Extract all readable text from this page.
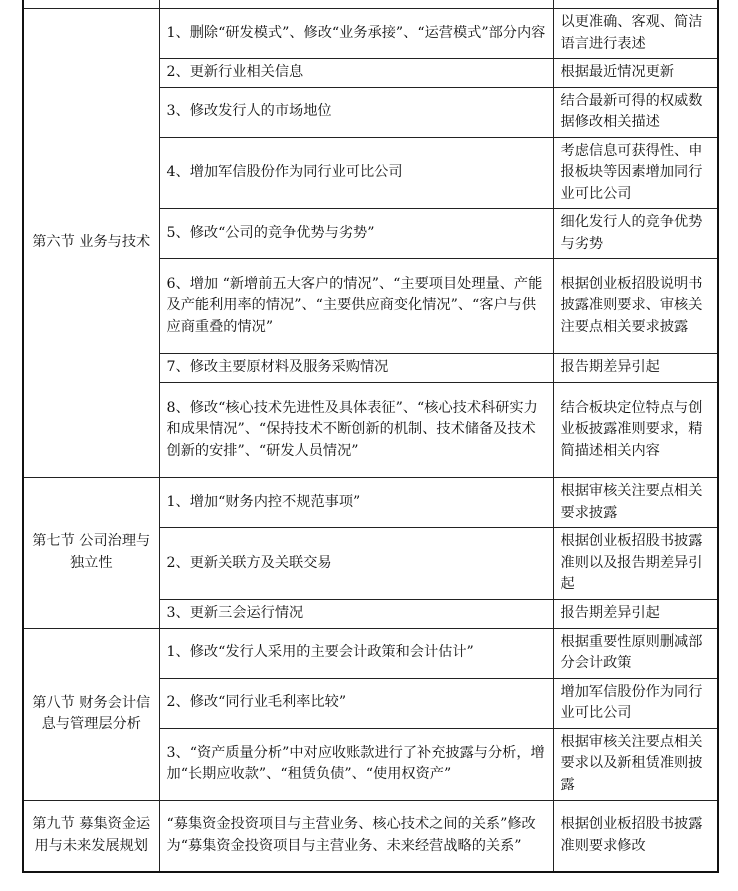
第六节 业务与技术	1、删除“研发模式”、修改“业务承接”、“运营模式”部分内容	以更准确、客观、简洁语言进行表述
	2、更新行业相关信息	根据最近情况更新
	3、修改发行人的市场地位	结合最新可得的权威数据修改相关描述
	4、增加军信股份作为同行业可比公司	考虑信息可获得性、申报板块等因素增加同行业可比公司
	5、修改“公司的竞争优势与劣势”	细化发行人的竞争优势与劣势
	6、增加 “新增前五大客户的情况”、“主要项目处理量、产能及产能利用率的情况”、“主要供应商变化情况”、“客户与供应商重叠的情况”	根据创业板招股说明书披露准则要求、审核关注要点相关要求披露
	7、修改主要原材料及服务采购情况	报告期差异引起
	8、修改“核心技术先进性及具体表征”、“核心技术科研实力和成果情况”、“保持技术不断创新的机制、技术储备及技术创新的安排”、“研发人员情况”	结合板块定位特点与创业板披露准则要求，精简描述相关内容
第七节 公司治理与独立性	1、增加“财务内控不规范事项”	根据审核关注要点相关要求披露
	2、更新关联方及关联交易	根据创业板招股书披露准则以及报告期差异引起
	3、更新三会运行情况	报告期差异引起
第八节 财务会计信息与管理层分析	1、修改“发行人采用的主要会计政策和会计估计”	根据重要性原则删减部分会计政策
	2、修改“同行业毛利率比较”	增加军信股份作为同行业可比公司
	3、“资产质量分析”中对应收账款进行了补充披露与分析，增加“长期应收款”、“租赁负债”、“使用权资产”	根据审核关注要点相关要求以及新租赁准则披露
第九节 募集资金运用与未来发展规划	“募集资金投资项目与主营业务、核心技术之间的关系”修改为“募集资金投资项目与主营业务、未来经营战略的关系”	根据创业板招股书披露准则要求修改
